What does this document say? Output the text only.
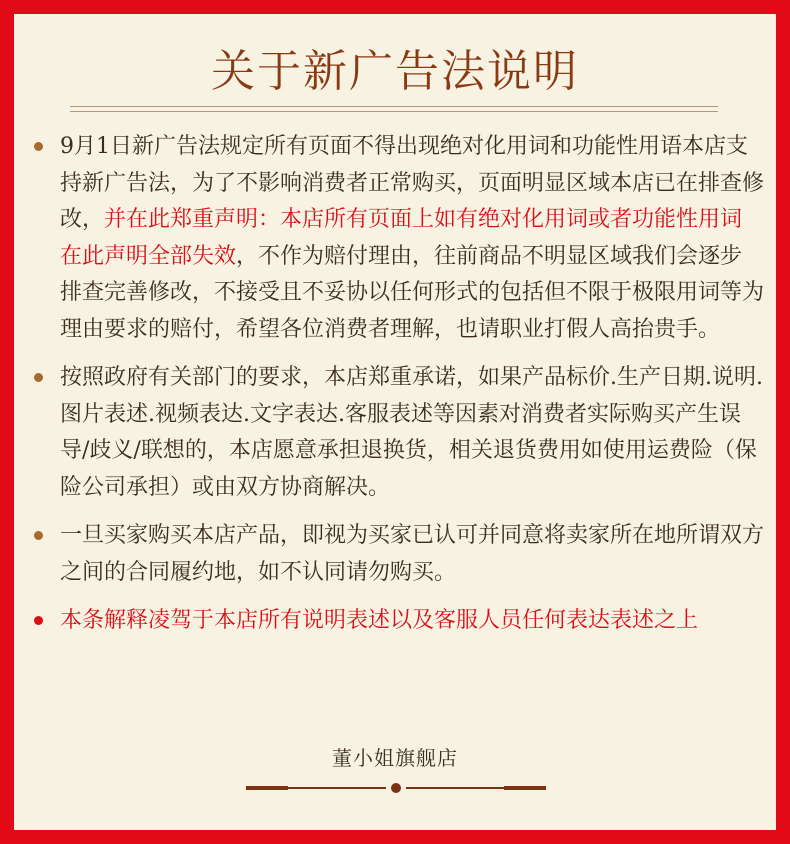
关于新广告法说明
9月1日新广告法规定所有页面不得出现绝对化用词和功能性用语本店支持新广告法，为了不影响消费者正常购买，页面明显区域本店已在排查修改，并在此郑重声明：本店所有页面上如有绝对化用词或者功能性用词在此声明全部失效，不作为赔付理由，往前商品不明显区域我们会逐步排查完善修改，不接受且不妥协以任何形式的包括但不限于极限用词等为理由要求的赔付，希望各位消费者理解，也请职业打假人高抬贵手。
按照政府有关部门的要求，本店郑重承诺，如果产品标价.生产日期.说明.图片表述.视频表达.文字表达.客服表述等因素对消费者实际购买产生误导/歧义/联想的，本店愿意承担退换货，相关退货费用如使用运费险（保险公司承担）或由双方协商解决。
一旦买家购买本店产品，即视为买家已认可并同意将卖家所在地所谓双方之间的合同履约地，如不认同请勿购买。
本条解释凌驾于本店所有说明表述以及客服人员任何表达表述之上
董小姐旗舰店
